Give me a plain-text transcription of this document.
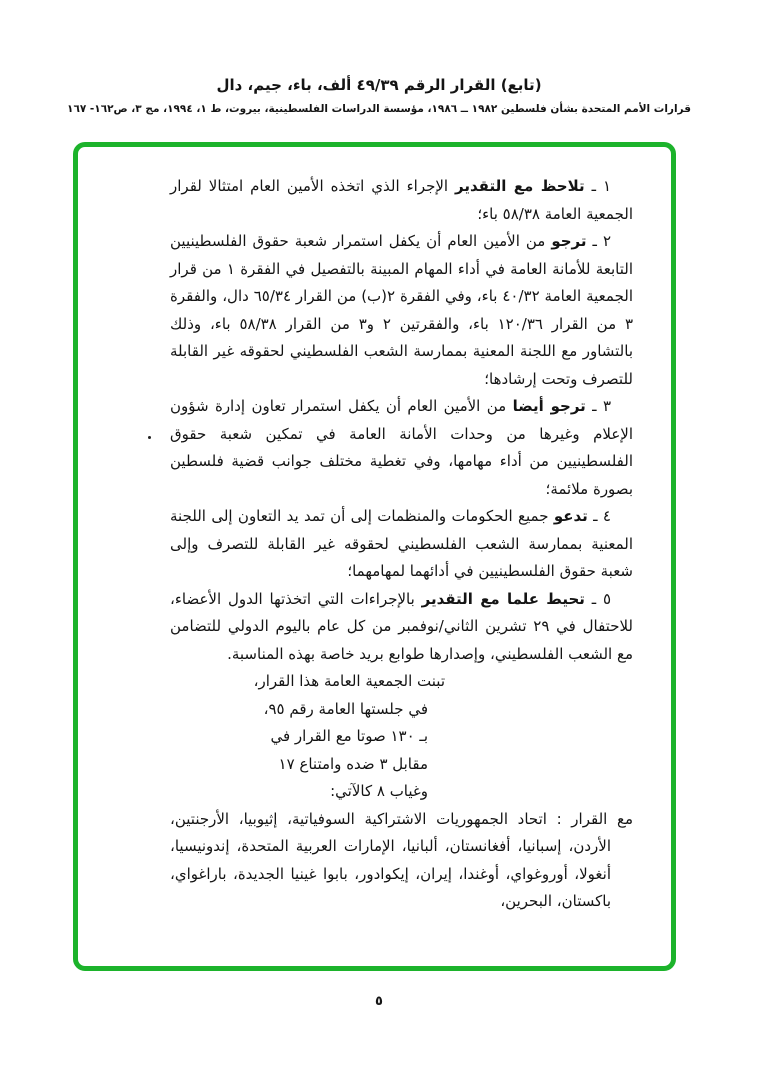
(تابع) القرار الرقم ٤٩/٣٩ ألف، باء، جيم، دال
قرارات الأمم المتحدة بشأن فلسطين ١٩٨٢ ــ ١٩٨٦، مؤسسة الدراسات الفلسطينية، بيروت، ط ١، ١٩٩٤، مج ٣، ص١٦٢- ١٦٧

١ ـ تلاحظ مع التقدير الإجراء الذي اتخذه الأمين العام امتثالا لقرار الجمعية العامة ٥٨/٣٨ باء؛

٢ ـ ترجو من الأمين العام أن يكفل استمرار شعبة حقوق الفلسطينيين التابعة للأمانة العامة في أداء المهام المبينة بالتفصيل في الفقرة ١ من قرار الجمعية العامة ٤٠/٣٢ باء، وفي الفقرة ٢(ب) من القرار ٦٥/٣٤ دال، والفقرة ٣ من القرار ١٢٠/٣٦ باء، والفقرتين ٢ و٣ من القرار ٥٨/٣٨ باء، وذلك بالتشاور مع اللجنة المعنية بممارسة الشعب الفلسطيني لحقوقه غير القابلة للتصرف وتحت إرشادها؛

٣ ـ ترجو أيضا من الأمين العام أن يكفل استمرار تعاون إدارة شؤون الإعلام وغيرها من وحدات الأمانة العامة في تمكين شعبة حقوق الفلسطينيين من أداء مهامها، وفي تغطية مختلف جوانب قضية فلسطين بصورة ملائمة؛

٤ ـ تدعو جميع الحكومات والمنظمات إلى أن تمد يد التعاون إلى اللجنة المعنية بممارسة الشعب الفلسطيني لحقوقه غير القابلة للتصرف وإلى شعبة حقوق الفلسطينيين في أدائهما لمهامهما؛

٥ ـ تحيط علما مع التقدير بالإجراءات التي اتخذتها الدول الأعضاء، للاحتفال في ٢٩ تشرين الثاني/نوفمبر من كل عام باليوم الدولي للتضامن مع الشعب الفلسطيني، وإصدارها طوابع بريد خاصة بهذه المناسبة.

تبنت الجمعية العامة هذا القرار،
في جلستها العامة رقم ٩٥،
بـ ١٣٠ صوتا مع القرار في
مقابل ٣ ضده وامتناع ١٧
وغياب ٨ كالآتي:

مع القرار : اتحاد الجمهوريات الاشتراكية السوفياتية، إثيوبيا، الأرجنتين، الأردن، إسبانيا، أفغانستان، ألبانيا، الإمارات العربية المتحدة، إندونيسيا، أنغولا، أوروغواي، أوغندا، إيران، إيكوادور، بابوا غينيا الجديدة، باراغواي، باكستان، البحرين،

٥
